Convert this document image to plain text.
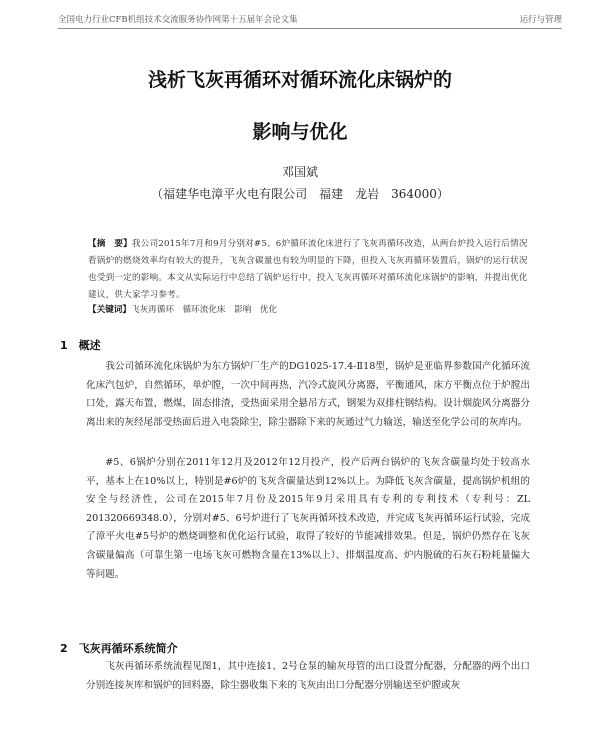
全国电力行业CFB机组技术交流服务协作网第十五届年会论文集	运行与管理
浅析飞灰再循环对循环流化床锅炉的
影响与优化
邓国斌
（福建华电漳平火电有限公司　福建　龙岩　364000）
【摘　要】我公司2015年7月和9月分别对#5、6炉循环流化床进行了飞灰再循环改造，从两台炉投入运行后情况看锅炉的燃烧效率均有较大的提升，飞灰含碳量也有较为明显的下降，但投入飞灰再循环装置后，锅炉的运行状况也受到一定的影响。本文从实际运行中总结了锅炉运行中，投入飞灰再循环对循环流化床锅炉的影响，并提出优化建议，供大家学习参考。
【关键词】飞灰再循环　循环流化床　影响　优化
1　概述
我公司循环流化床锅炉为东方锅炉厂生产的DG1025-17.4-Ⅱ18型，锅炉是亚临界参数国产化循环流化床汽包炉，自然循环，单炉膛，一次中间再热，汽冷式旋风分离器，平衡通风，床方平衡点位于炉膛出口处，露天布置，燃煤，固态排渣，受热面采用全悬吊方式，钢架为双排柱钢结构。设计烟旋风分离器分离出来的灰经尾部受热面后进入电袋除尘，除尘器除下来的灰通过气力输送，输送至化学公司的灰库内。
#5、6锅炉分别在2011年12月及2012年12月投产，投产后两台锅炉的飞灰含碳量均处于较高水平，基本上在10%以上，特别是#6炉的飞灰含碳量达到12%以上。为降低飞灰含碳量，提高锅炉机组的安全与经济性，公司在2015年7月份及2015年9月采用具有专利的专利技术（专利号：ZL 201320669348.0），分别对#5、6号炉进行了飞灰再循环技术改造，并完成飞灰再循环运行试验，完成了漳平火电#5号炉的燃烧调整和优化运行试验，取得了较好的节能减排效果。但是，锅炉仍然存在飞灰含碳量偏高（可靠生第一电场飞灰可燃物含量在13%以上）、排烟温度高、炉内脱硫的石灰石粉耗量偏大等问题。
2　飞灰再循环系统简介
飞灰再循环系统流程见图1，其中连接1、2号仓泵的输灰母管的出口设置分配器，分配器的两个出口分别连接灰库和锅炉的回料器，除尘器收集下来的飞灰由出口分配器分别输送至炉膛或灰
